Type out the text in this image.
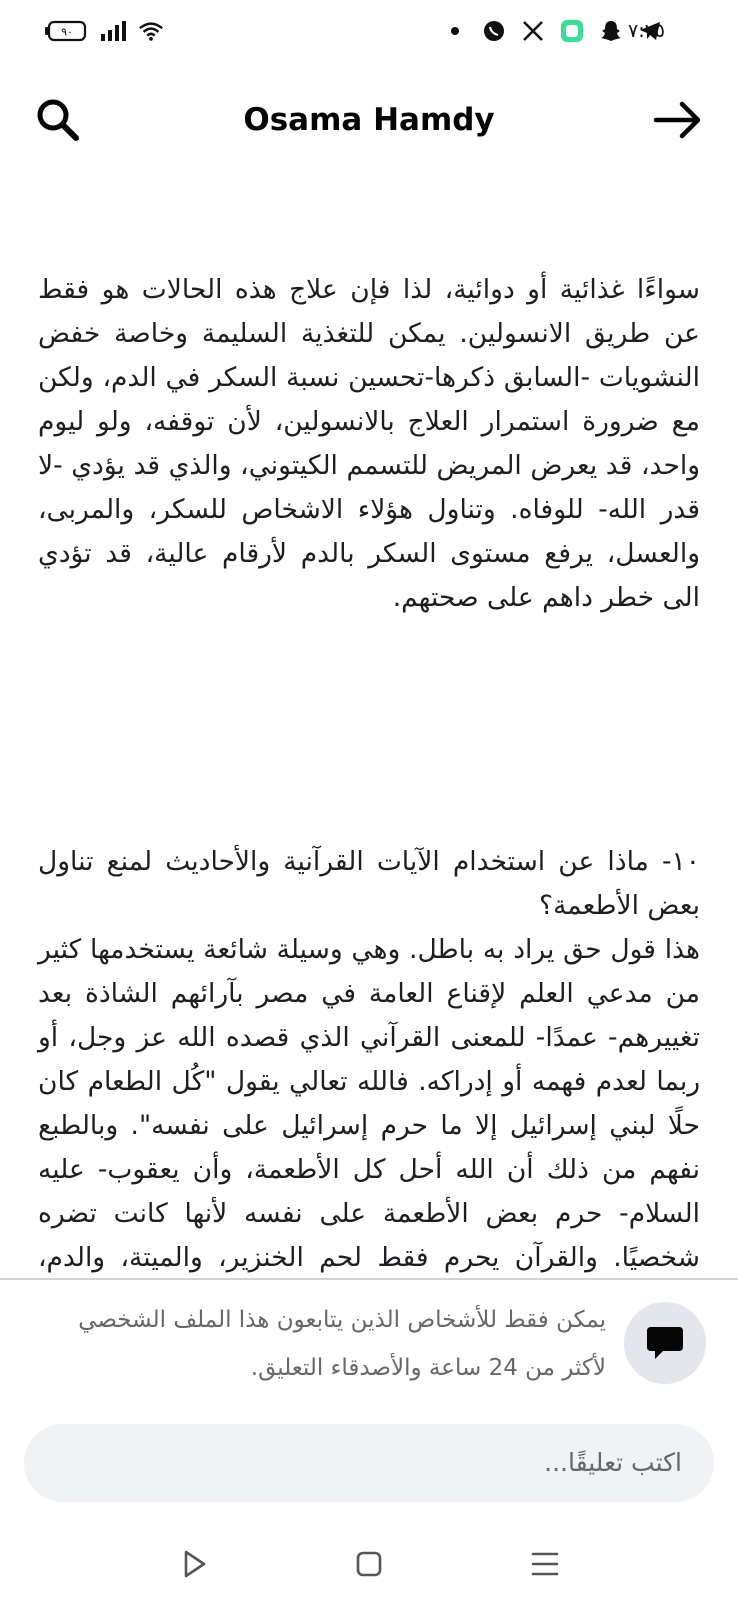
٩٠	٧:٢٥
Osama Hamdy

سواءًا غذائية أو دوائية، لذا فإن علاج هذه الحالات هو فقط عن طريق الانسولين. يمكن للتغذية السليمة وخاصة خفض النشويات -السابق ذكرها-تحسين نسبة السكر في الدم، ولكن مع ضرورة استمرار العلاج بالانسولين، لأن توقفه، ولو ليوم واحد، قد يعرض المريض للتسمم الكيتوني، والذي قد يؤدي -لا قدر الله- للوفاه. وتناول هؤلاء الاشخاص للسكر، والمربى، والعسل، يرفع مستوى السكر بالدم لأرقام عالية، قد تؤدي الى خطر داهم على صحتهم.

١٠- ماذا عن استخدام الآيات القرآنية والأحاديث لمنع تناول بعض الأطعمة؟
هذا قول حق يراد به باطل. وهي وسيلة شائعة يستخدمها كثير من مدعي العلم لإقناع العامة في مصر بآرائهم الشاذة بعد تغييرهم- عمدًا- للمعنى القرآني الذي قصده الله عز وجل، أو ربما لعدم فهمه أو إدراكه. فالله تعالي يقول "كُل الطعام كان حلًا لبني إسرائيل إلا ما حرم إسرائيل على نفسه". وبالطبع نفهم من ذلك أن الله أحل كل الأطعمة، وأن يعقوب- عليه السلام- حرم بعض الأطعمة على نفسه لأنها كانت تضره شخصيًا. والقرآن يحرم فقط لحم الخنزير، والميتة، والدم،

يمكن فقط للأشخاص الذين يتابعون هذا الملف الشخصي لأكثر من 24 ساعة والأصدقاء التعليق.
اكتب تعليقًا...
